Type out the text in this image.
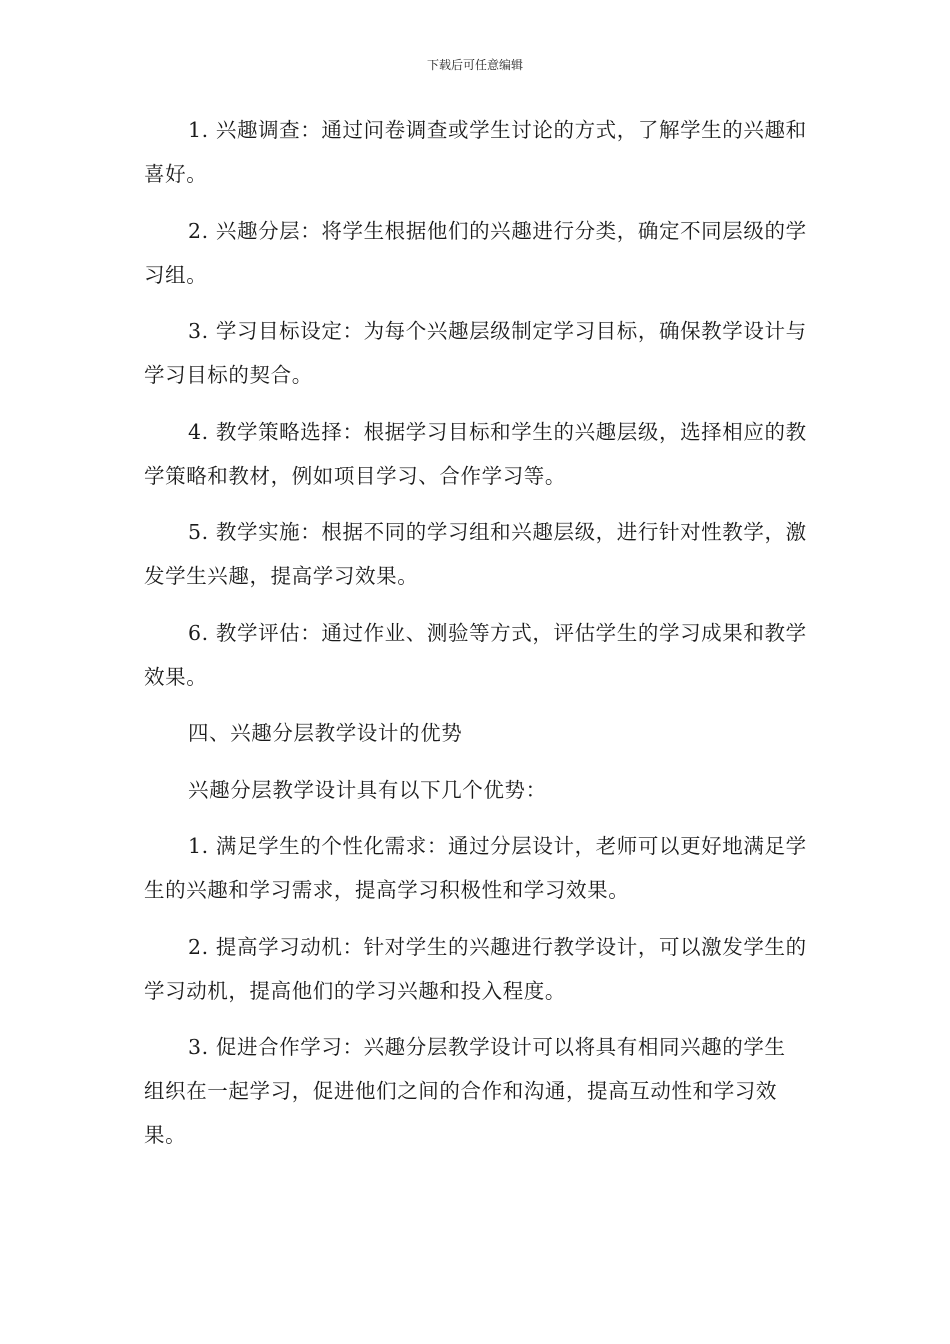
下载后可任意编辑

1. 兴趣调查：通过问卷调查或学生讨论的方式，了解学生的兴趣和喜好。

2. 兴趣分层：将学生根据他们的兴趣进行分类，确定不同层级的学习组。

3. 学习目标设定：为每个兴趣层级制定学习目标，确保教学设计与学习目标的契合。

4. 教学策略选择：根据学习目标和学生的兴趣层级，选择相应的教学策略和教材，例如项目学习、合作学习等。

5. 教学实施：根据不同的学习组和兴趣层级，进行针对性教学，激发学生兴趣，提高学习效果。

6. 教学评估：通过作业、测验等方式，评估学生的学习成果和教学效果。

四、兴趣分层教学设计的优势

兴趣分层教学设计具有以下几个优势：

1. 满足学生的个性化需求：通过分层设计，老师可以更好地满足学生的兴趣和学习需求，提高学习积极性和学习效果。

2. 提高学习动机：针对学生的兴趣进行教学设计，可以激发学生的学习动机，提高他们的学习兴趣和投入程度。

3. 促进合作学习：兴趣分层教学设计可以将具有相同兴趣的学生组织在一起学习，促进他们之间的合作和沟通，提高互动性和学习效果。
